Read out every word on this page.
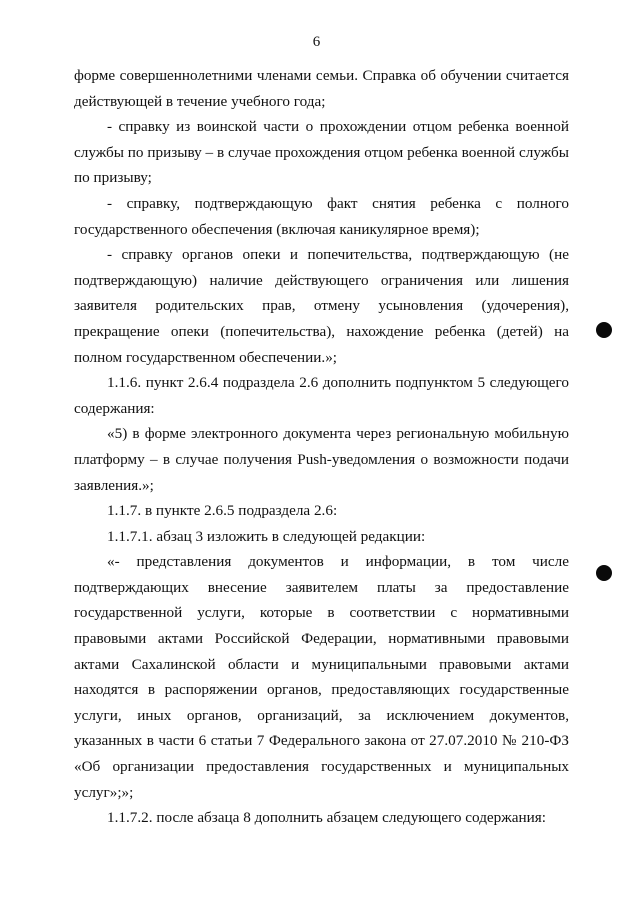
6

форме совершеннолетними членами семьи. Справка об обучении считается действующей в течение учебного года;

- справку из воинской части о прохождении отцом ребенка военной службы по призыву – в случае прохождения отцом ребенка военной службы по призыву;

- справку, подтверждающую факт снятия ребенка с полного государственного обеспечения (включая каникулярное время);

- справку органов опеки и попечительства, подтверждающую (не подтверждающую) наличие действующего ограничения или лишения заявителя родительских прав, отмену усыновления (удочерения), прекращение опеки (попечительства), нахождение ребенка (детей) на полном государственном обеспечении.»;

1.1.6. пункт 2.6.4 подраздела 2.6 дополнить подпунктом 5 следующего содержания:

«5) в форме электронного документа через региональную мобильную платформу – в случае получения Push-уведомления о возможности подачи заявления.»;

1.1.7. в пункте 2.6.5 подраздела 2.6:

1.1.7.1. абзац 3 изложить в следующей редакции:

«- представления документов и информации, в том числе подтверждающих внесение заявителем платы за предоставление государственной услуги, которые в соответствии с нормативными правовыми актами Российской Федерации, нормативными правовыми актами Сахалинской области и муниципальными правовыми актами находятся в распоряжении органов, предоставляющих государственные услуги, иных органов, организаций, за исключением документов, указанных в части 6 статьи 7 Федерального закона от 27.07.2010 № 210-ФЗ «Об организации предоставления государственных и муниципальных услуг»;»;

1.1.7.2. после абзаца 8 дополнить абзацем следующего содержания:
